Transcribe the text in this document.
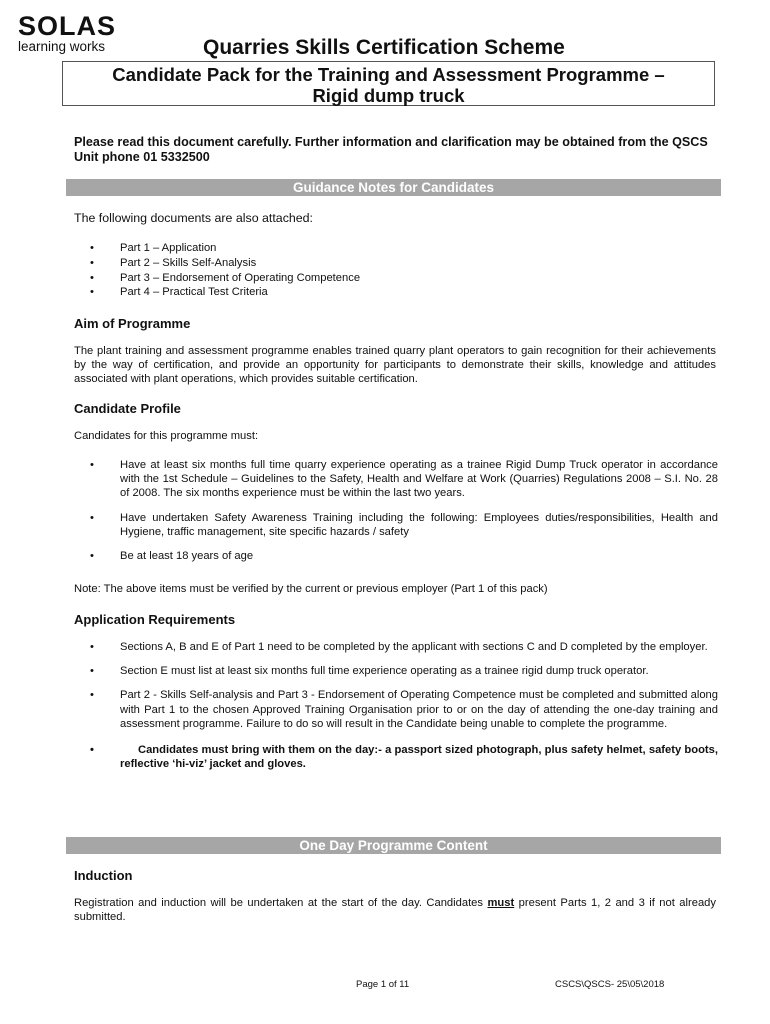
SOLAS
learning works	Quarries Skills Certification Scheme
Candidate Pack for the Training and Assessment Programme –
Rigid dump truck
Please read this document carefully. Further information and clarification may be obtained from the QSCS Unit phone 01 5332500
Guidance Notes for Candidates
The following documents are also attached:
• Part 1 – Application
• Part 2 – Skills Self-Analysis
• Part 3 – Endorsement of Operating Competence
• Part 4 – Practical Test Criteria
Aim of Programme
The plant training and assessment programme enables trained quarry plant operators to gain recognition for their achievements by the way of certification, and provide an opportunity for participants to demonstrate their skills, knowledge and attitudes associated with plant operations, which provides suitable certification.
Candidate Profile
Candidates for this programme must:
• Have at least six months full time quarry experience operating as a trainee Rigid Dump Truck operator in accordance with the 1st Schedule – Guidelines to the Safety, Health and Welfare at Work (Quarries) Regulations 2008 – S.I. No. 28 of 2008. The six months experience must be within the last two years.
• Have undertaken Safety Awareness Training including the following: Employees duties/responsibilities, Health and Hygiene, traffic management, site specific hazards / safety
• Be at least 18 years of age
Note: The above items must be verified by the current or previous employer (Part 1 of this pack)
Application Requirements
• Sections A, B and E of Part 1 need to be completed by the applicant with sections C and D completed by the employer.
• Section E must list at least six months full time experience operating as a trainee rigid dump truck operator.
• Part 2 - Skills Self-analysis and Part 3 - Endorsement of Operating Competence must be completed and submitted along with Part 1 to the chosen Approved Training Organisation prior to or on the day of attending the one-day training and assessment programme. Failure to do so will result in the Candidate being unable to complete the programme.
•	Candidates must bring with them on the day:- a passport sized photograph, plus safety helmet, safety boots, reflective ‘hi-viz’ jacket and gloves.
One Day Programme Content
Induction
Registration and induction will be undertaken at the start of the day. Candidates must present Parts 1, 2 and 3 if not already submitted.
Page 1 of 11	CSCS\QSCS- 25\05\2018
